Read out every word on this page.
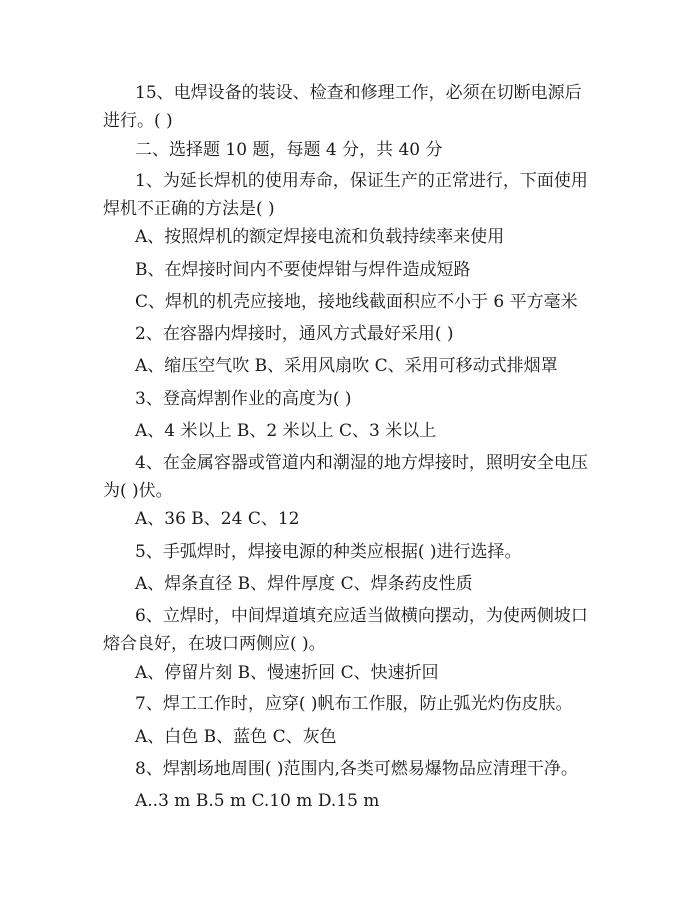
15、电焊设备的装设、检查和修理工作，必须在切断电源后进行。( )

二、选择题 10 题，每题 4 分，共 40 分

1、为延长焊机的使用寿命，保证生产的正常进行，下面使用焊机不正确的方法是( )

A、按照焊机的额定焊接电流和负载持续率来使用

B、在焊接时间内不要使焊钳与焊件造成短路

C、焊机的机壳应接地，接地线截面积应不小于 6 平方毫米

2、在容器内焊接时，通风方式最好采用( )

A、缩压空气吹 B、采用风扇吹 C、采用可移动式排烟罩

3、登高焊割作业的高度为( )

A、4 米以上 B、2 米以上 C、3 米以上

4、在金属容器或管道内和潮湿的地方焊接时，照明安全电压为( )伏。

A、36 B、24 C、12

5、手弧焊时，焊接电源的种类应根据( )进行选择。

A、焊条直径 B、焊件厚度 C、焊条药皮性质

6、立焊时，中间焊道填充应适当做横向摆动，为使两侧坡口熔合良好，在坡口两侧应( )。

A、停留片刻 B、慢速折回 C、快速折回

7、焊工工作时，应穿( )帆布工作服，防止弧光灼伤皮肤。

A、白色 B、蓝色 C、灰色

8、焊割场地周围( )范围内,各类可燃易爆物品应清理干净。

A..3 m B.5 m C.10 m D.15 m
